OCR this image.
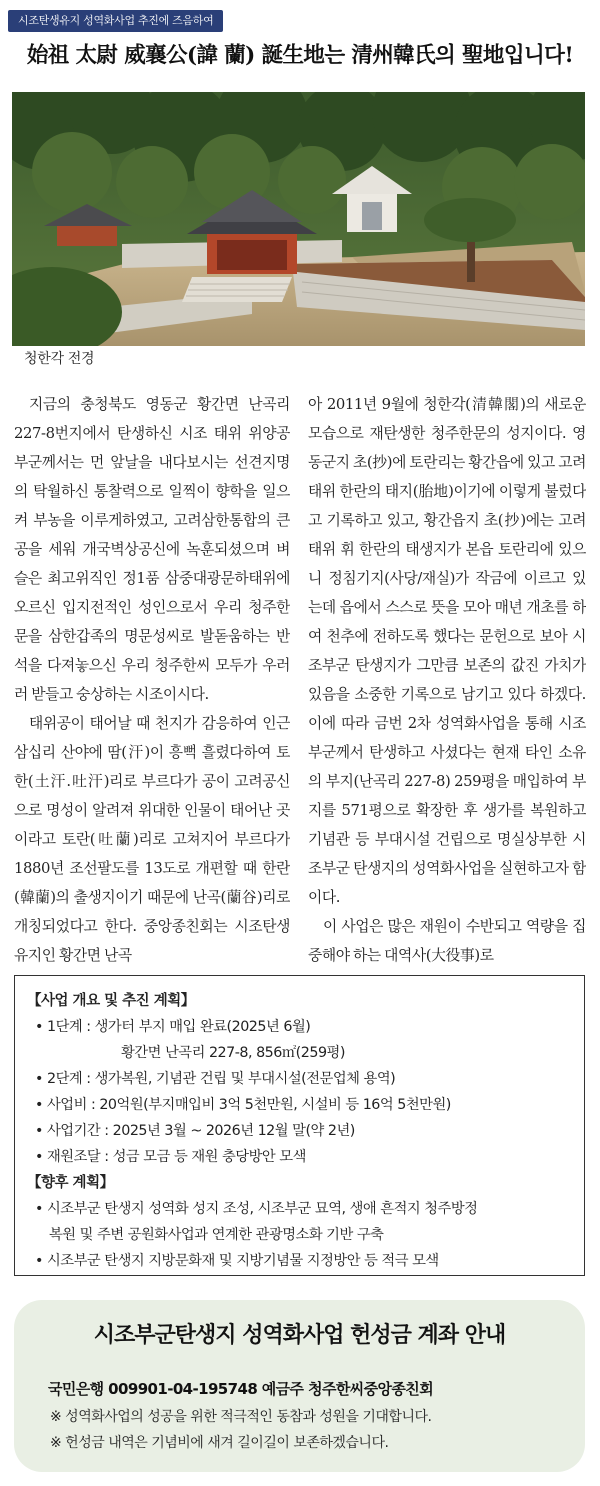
시조탄생유지 성역화사업 추진에 즈음하여
始祖 太尉 威襄公(諱 蘭) 誕生地는 清州韓氏의 聖地입니다!
청한각 전경

지금의 충청북도 영동군 황간면 난곡리 227-8번지에서 탄생하신 시조 태위 위양공부군께서는 먼 앞날을 내다보시는 선견지명의 탁월하신 통찰력으로 일찍이 향학을 일으켜 부농을 이루게하였고, 고려삼한통합의 큰 공을 세워 개국벽상공신에 녹훈되셨으며 벼슬은 최고위직인 정1품 삼중대광문하태위에 오르신 입지전적인 성인으로서 우리 청주한문을 삼한갑족의 명문성씨로 발돋움하는 반석을 다져놓으신 우리 청주한씨 모두가 우러러 받들고 숭상하는 시조이시다.

태위공이 태어날 때 천지가 감응하여 인근 삼십리 산야에 땀(汗)이 흥뻑 흘렸다하여 토한(土汗.吐汗)리로 부르다가 공이 고려공신으로 명성이 알려져 위대한 인물이 태어난 곳 이라고 토란(吐蘭)리로 고쳐지어 부르다가 1880년 조선팔도를 13도로 개편할 때 한란(韓蘭)의 출생지이기 때문에 난곡(蘭谷)리로 개칭되었다고 한다. 중앙종친회는 시조탄생유지인 황간면 난곡

아 2011년 9월에 청한각(清韓閣)의 새로운 모습으로 재탄생한 청주한문의 성지이다. 영동군지 초(抄)에 토란리는 황간읍에 있고 고려 태위 한란의 태지(胎地)이기에 이렇게 불렀다고 기록하고 있고, 황간읍지 초(抄)에는 고려 태위 휘 한란의 태생지가 본읍 토란리에 있으니 정침기지(사당/재실)가 작금에 이르고 있는데 읍에서 스스로 뜻을 모아 매년 개초를 하여 천추에 전하도록 했다는 문헌으로 보아 시조부군 탄생지가 그만큼 보존의 값진 가치가 있음을 소중한 기록으로 남기고 있다 하겠다. 이에 따라 금번 2차 성역화사업을 통해 시조부군께서 탄생하고 사셨다는 현재 타인 소유의 부지(난곡리 227-8) 259평을 매입하여 부지를 571평으로 확장한 후 생가를 복원하고 기념관 등 부대시설 건립으로 명실상부한 시조부군 탄생지의 성역화사업을 실현하고자 함이다.

이 사업은 많은 재원이 수반되고 역량을 집중해야 하는 대역사(大役事)로

【사업 개요 및 추진 계획】
• 1단계 : 생가터 부지 매입 완료(2025년 6월)
황간면 난곡리 227-8, 856㎡(259평)
• 2단계 : 생가복원, 기념관 건립 및 부대시설(전문업체 용역)
• 사업비 : 20억원(부지매입비 3억 5천만원, 시설비 등 16억 5천만원)
• 사업기간 : 2025년 3월 ~ 2026년 12월 말(약 2년)
• 재원조달 : 성금 모금 등 재원 충당방안 모색
【향후 계획】
• 시조부군 탄생지 성역화 성지 조성, 시조부군 묘역, 생애 흔적지 청주방정
복원 및 주변 공원화사업과 연계한 관광명소화 기반 구축
• 시조부군 탄생지 지방문화재 및 지방기념물 지정방안 등 적극 모색
시조부군탄생지 성역화사업 헌성금 계좌 안내
국민은행 009901-04-195748 예금주 청주한씨중앙종친회
※ 성역화사업의 성공을 위한 적극적인 동참과 성원을 기대합니다.
※ 헌성금 내역은 기념비에 새겨 길이길이 보존하겠습니다.
